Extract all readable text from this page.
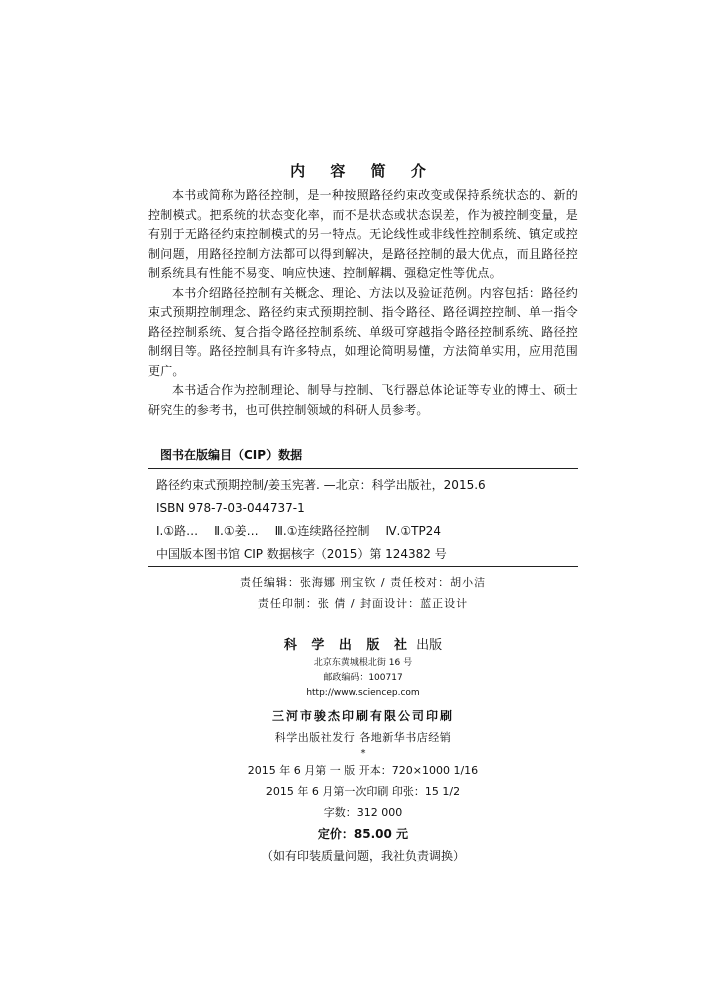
内 容 简 介

本书或简称为路径控制，是一种按照路径约束改变或保持系统状态的、新的控制模式。把系统的状态变化率，而不是状态或状态误差，作为被控制变量，是有别于无路径约束控制模式的另一特点。无论线性或非线性控制系统、镇定或控制问题，用路径控制方法都可以得到解决，是路径控制的最大优点，而且路径控制系统具有性能不易变、响应快速、控制解耦、强稳定性等优点。

本书介绍路径控制有关概念、理论、方法以及验证范例。内容包括：路径约束式预期控制理念、路径约束式预期控制、指令路径、路径调控控制、单一指令路径控制系统、复合指令路径控制系统、单级可穿越指令路径控制系统、路径控制纲目等。路径控制具有许多特点，如理论简明易懂，方法简单实用，应用范围更广。

本书适合作为控制理论、制导与控制、飞行器总体论证等专业的博士、硕士研究生的参考书，也可供控制领域的科研人员参考。

图书在版编目（CIP）数据
路径约束式预期控制/姜玉宪著. —北京：科学出版社，2015.6
ISBN 978-7-03-044737-1
Ⅰ.①路… Ⅱ.①姜… Ⅲ.①连续路径控制 Ⅳ.①TP24
中国版本图书馆 CIP 数据核字（2015）第 124382 号
责任编辑：张海娜 刑宝钦 / 责任校对：胡小洁
责任印制：张 倩 / 封面设计：蓝正设计
科 学 出 版 社 出版
北京东黄城根北街 16 号
邮政编码：100717
http://www.sciencep.com
三河市骏杰印刷有限公司印刷
科学出版社发行 各地新华书店经销
*
2015 年 6 月第 一 版 开本：720×1000 1/16
2015 年 6 月第一次印刷 印张：15 1/2
字数：312 000
定价：85.00 元
（如有印装质量问题，我社负责调换）
